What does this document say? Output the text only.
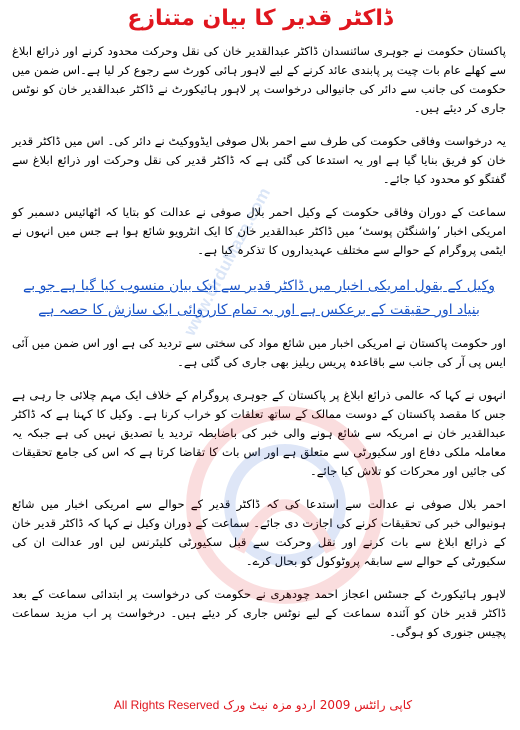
ڈاکٹر قدیر کا بیان متنازع

پاکستان حکومت نے جوہری سائنسدان ڈاکٹر عبدالقدیر خان کی نقل وحرکت محدود کرنے اور ذرائع ابلاغ سے کھلے عام بات چیت پر پابندی عائد کرنے کے لیے لاہور ہائی کورٹ سے رجوع کر لیا ہے۔اس ضمن میں حکومت کی جانب سے دائر کی جانیوالی درخواست پر لاہور ہائیکورٹ نے ڈاکٹر عبدالقدیر خان کو نوٹس جاری کر دیئے ہیں۔

یہ درخواست وفاقی حکومت کی طرف سے احمر بلال صوفی ایڈووکیٹ نے دائر کی۔ اس میں ڈاکٹر قدیر خان کو فریق بنایا گیا ہے اور یہ استدعا کی گئی ہے کہ ڈاکٹر قدیر کی نقل وحرکت اور ذرائع ابلاغ سے گفتگو کو محدود کیا جائے۔

سماعت کے دوران وفاقی حکومت کے وکیل احمر بلال صوفی نے عدالت کو بتایا کہ اٹھائیس دسمبر کو امریکی اخبار ’واشنگٹن پوسٹ‘ میں ڈاکٹر عبدالقدیر خان کا ایک انٹرویو شائع ہوا ہے جس میں انہوں نے ایٹمی پروگرام کے حوالے سے مختلف عہدیداروں کا تذکرہ کیا ہے۔

وکیل کے بقول امریکی اخبار میں ڈاکٹر قدیر سے ایک بیان منسوب کیا گیا ہے جو بے بنیاد اور حقیقت کے برعکس ہے اور یہ تمام کارروائی ایک سازش کا حصہ ہے

اور حکومت پاکستان نے امریکی اخبار میں شائع مواد کی سختی سے تردید کی ہے اور اس ضمن میں آئی ایس پی آر کی جانب سے باقاعدہ پریس ریلیز بھی جاری کی گئی ہے۔

انہوں نے کہا کہ عالمی ذرائع ابلاغ پر پاکستان کے جوہری پروگرام کے خلاف ایک مہم چلائی جا رہی ہے جس کا مقصد پاکستان کے دوست ممالک کے ساتھ تعلقات کو خراب کرنا ہے۔ وکیل کا کہنا ہے کہ ڈاکٹر عبدالقدیر خان نے امریکہ سے شائع ہونے والی خبر کی باضابطہ تردید یا تصدیق نہیں کی ہے جبکہ یہ معاملہ ملکی دفاع اور سکیورٹی سے متعلق ہے اور اس بات کا تقاضا کرتا ہے کہ اس کی جامع تحقیقات کی جائیں اور محرکات کو تلاش کیا جائے۔

احمر بلال صوفی نے عدالت سے استدعا کی کہ ڈاکٹر قدیر کے حوالے سے امریکی اخبار میں شائع ہونیوالی خبر کی تحقیقات کرنے کی اجازت دی جائے۔ سماعت کے دوران وکیل نے کہا کہ ڈاکٹر قدیر خان کے ذرائع ابلاغ سے بات کرنے اور نقل وحرکت سے قبل سکیورٹی کلیئرنس لیں اور عدالت ان کی سکیورٹی کے حوالے سے سابقہ پروٹوکول کو بحال کرے۔

لاہور ہائیکورٹ کے جسٹس اعجاز احمد چودھری نے حکومت کی درخواست پر ابتدائی سماعت کے بعد ڈاکٹر قدیر خان کو آئندہ سماعت کے لیے نوٹس جاری کر دیئے ہیں۔ درخواست پر اب مزید سماعت پچیس جنوری کو ہوگی۔

www.UrduMaza.com
کاپی رائٹس 2009 اردو مزہ نیٹ ورک All Rights Reserved
